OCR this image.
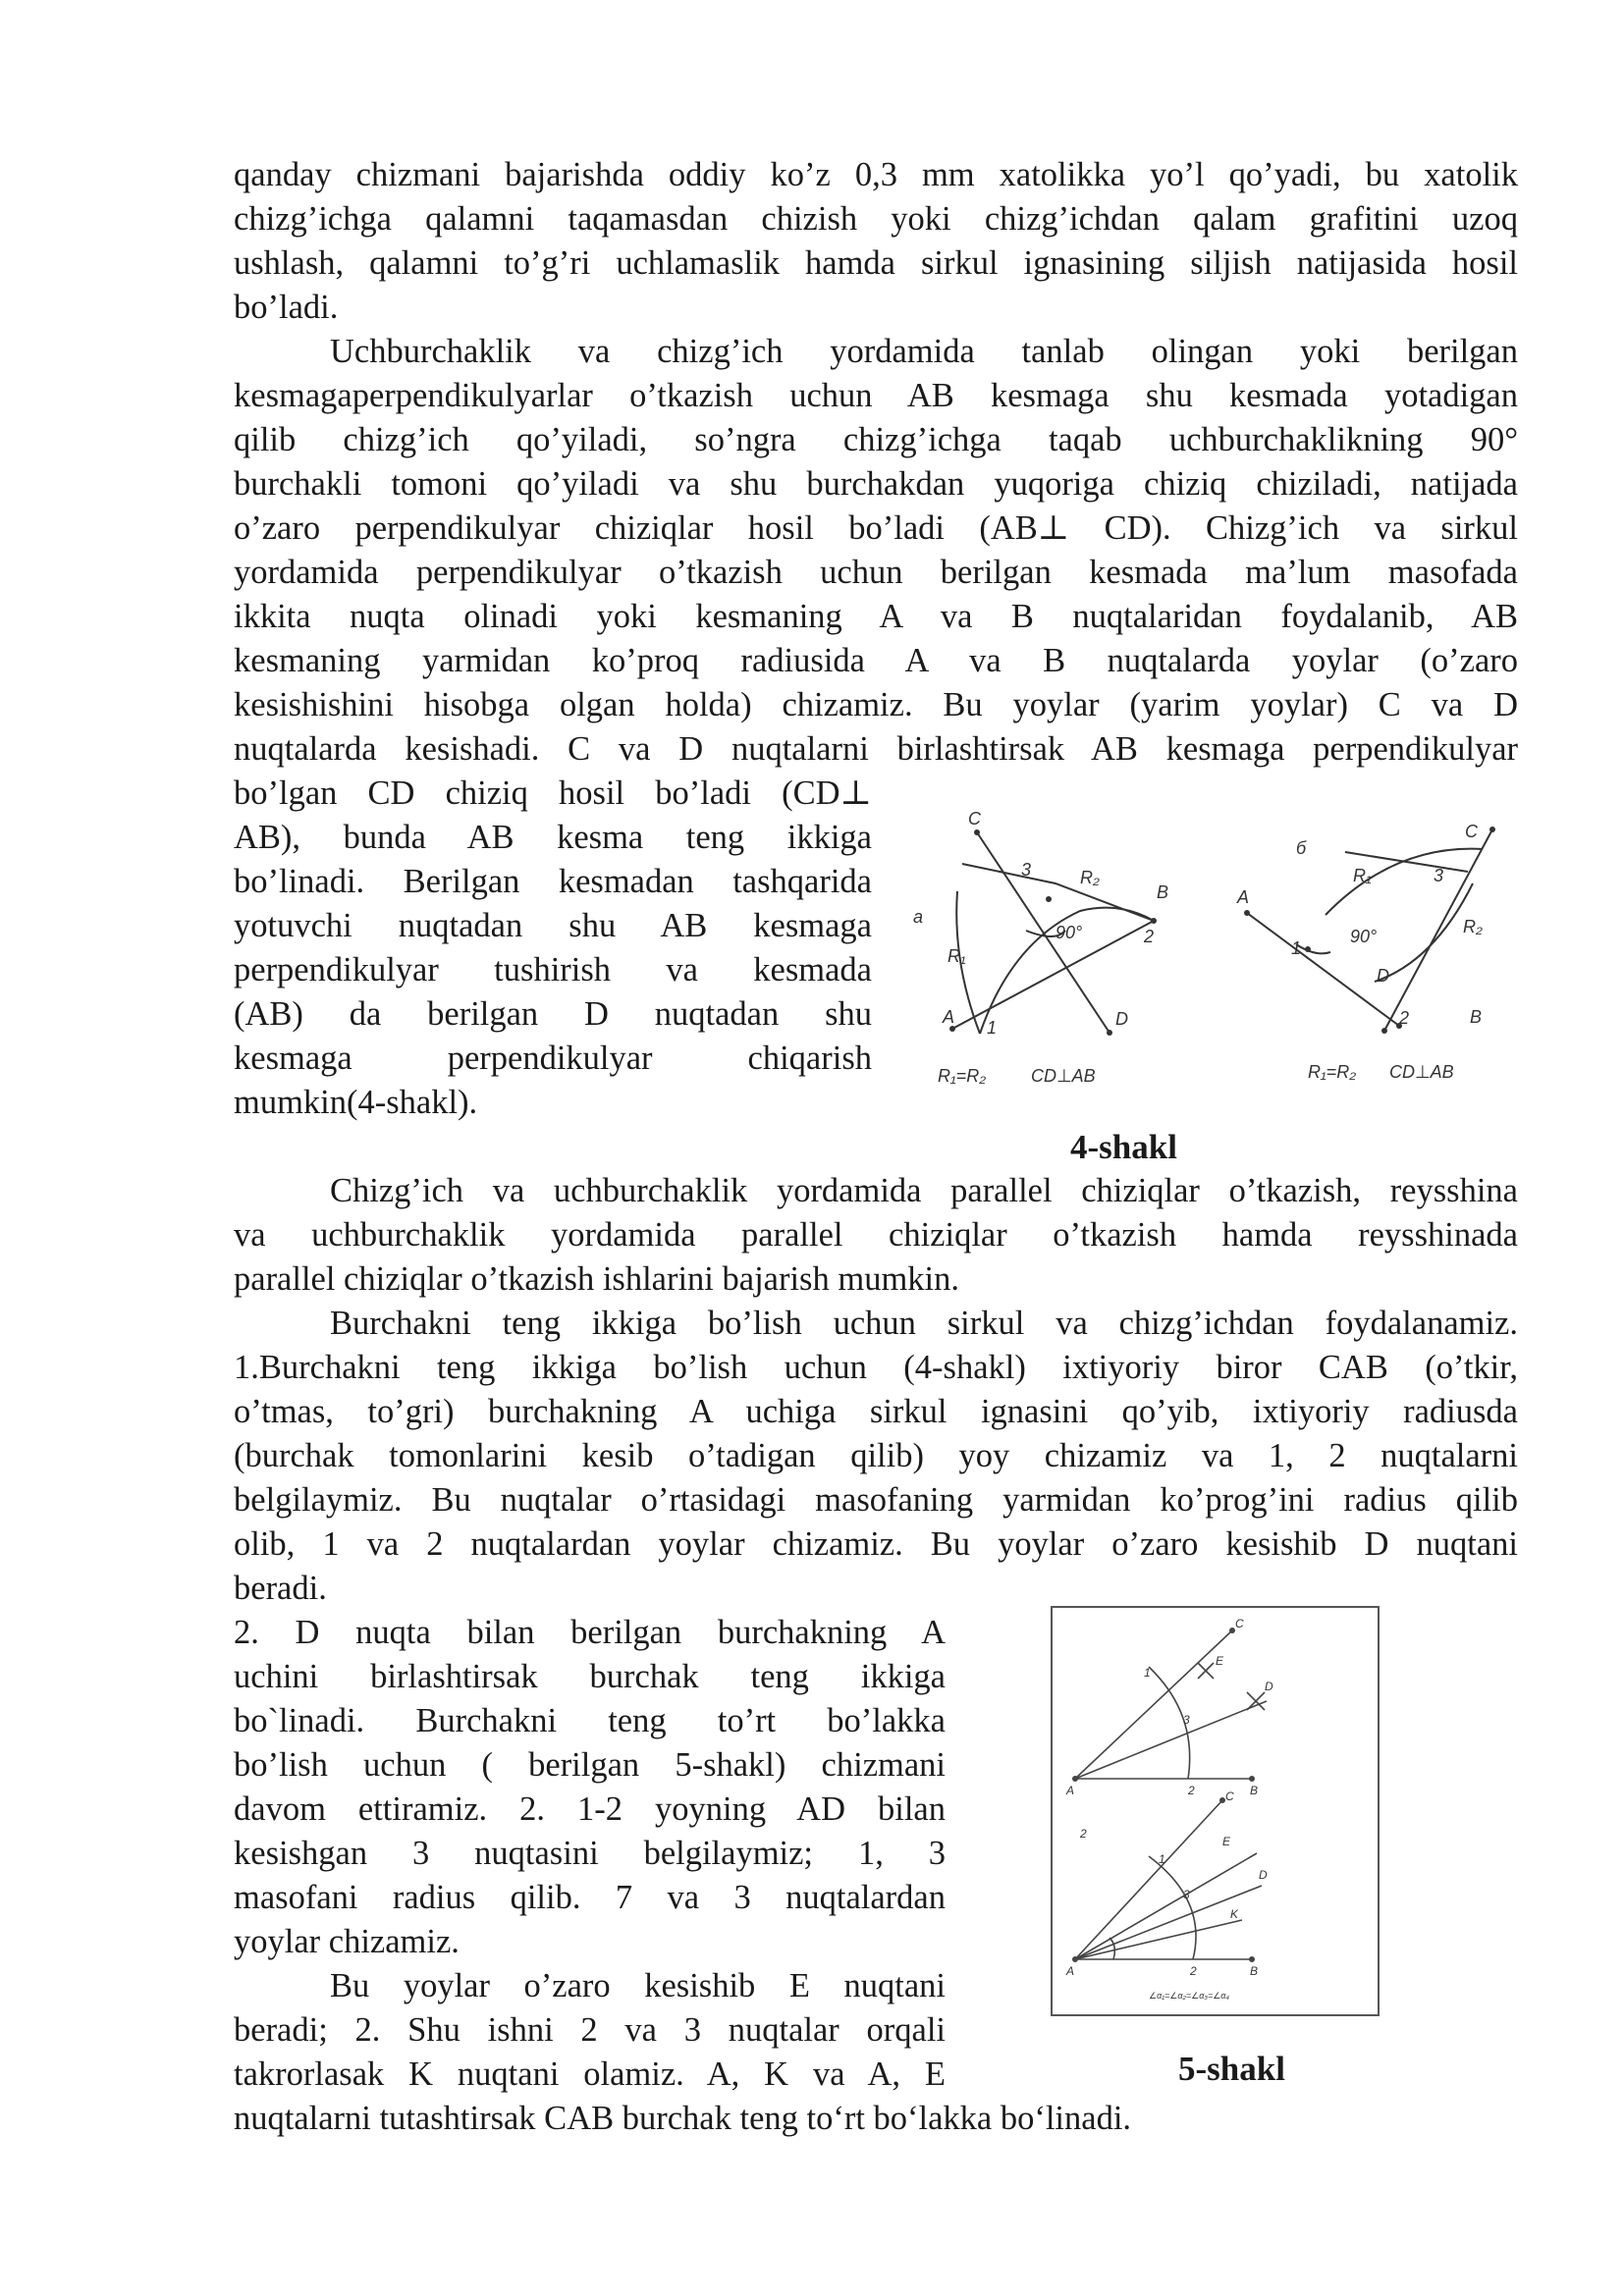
qanday chizmani bajarishda oddiy ko’z 0,3 mm xatolikka yo’l qo’yadi, bu xatolik
chizg’ichga qalamni taqamasdan chizish yoki chizg’ichdan qalam grafitini uzoq
ushlash, qalamni to’g’ri uchlamaslik hamda sirkul ignasining siljish natijasida hosil
bo’ladi.
Uchburchaklik va chizg’ich yordamida tanlab olingan yoki berilgan
kesmagaperpendikulyarlar o’tkazish uchun AB kesmaga shu kesmada yotadigan
qilib chizg’ich qo’yiladi, so’ngra chizg’ichga taqab uchburchaklikning 90°
burchakli tomoni qo’yiladi va shu burchakdan yuqoriga chiziq chiziladi, natijada
o’zaro perpendikulyar chiziqlar hosil bo’ladi (AB⊥ CD). Chizg’ich va sirkul
yordamida perpendikulyar o’tkazish uchun berilgan kesmada ma’lum masofada
ikkita nuqta olinadi yoki kesmaning A va B nuqtalaridan foydalanib, AB
kesmaning yarmidan ko’proq radiusida A va B nuqtalarda yoylar (o’zaro
kesishishini hisobga olgan holda) chizamiz. Bu yoylar (yarim yoylar) C va D
nuqtalarda kesishadi. C va D nuqtalarni birlashtirsak AB kesmaga perpendikulyar
bo’lgan CD chiziq hosil bo’ladi (CD⊥
AB), bunda AB kesma teng ikkiga
bo’linadi. Berilgan kesmadan tashqarida
yotuvchi nuqtadan shu AB kesmaga
perpendikulyar tushirish va kesmada
(AB) da berilgan D nuqtadan shu
kesmaga perpendikulyar chiqarish
mumkin(4-shakl).
4-shakl
Chizg’ich va uchburchaklik yordamida parallel chiziqlar o’tkazish, reysshina
va uchburchaklik yordamida parallel chiziqlar o’tkazish hamda reysshinada
parallel chiziqlar o’tkazish ishlarini bajarish mumkin.
Burchakni teng ikkiga bo’lish uchun sirkul va chizg’ichdan foydalanamiz.
1.Burchakni teng ikkiga bo’lish uchun (4-shakl) ixtiyoriy biror CAB (o’tkir,
o’tmas, to’gri) burchakning A uchiga sirkul ignasini qo’yib, ixtiyoriy radiusda
(burchak tomonlarini kesib o’tadigan qilib) yoy chizamiz va 1, 2 nuqtalarni
belgilaymiz. Bu nuqtalar o’rtasidagi masofaning yarmidan ko’prog’ini radius qilib
olib, 1 va 2 nuqtalardan yoylar chizamiz. Bu yoylar o’zaro kesishib D nuqtani
beradi.
2. D nuqta bilan berilgan burchakning A
uchini birlashtirsak burchak teng ikkiga
bo`linadi. Burchakni teng to’rt bo’lakka
bo’lish uchun ( berilgan 5-shakl) chizmani
davom ettiramiz. 2. 1-2 yoyning AD bilan
kesishgan 3 nuqtasini belgilaymiz; 1, 3
masofani radius qilib. 7 va 3 nuqtalardan
yoylar chizamiz.
Bu yoylar o’zaro kesishib E nuqtani
beradi; 2. Shu ishni 2 va 3 nuqtalar orqali
takrorlasak K nuqtani olamiz. A, K va A, E
nuqtalarni tutashtirsak CAB burchak teng to‘rt bo‘lakka bo‘linadi.
5-shakl
a
C
3	R₂
B
R₁
90°	2
A
1	D
R₁=R₂	CD⊥AB
б
C
A
R₁	3
R₂
90°
1
D
2	B
R₁=R₂ CD⊥AB
C
1
E
D
3
A	2	B
2
C
1
E
D
3
K
A	2	B
∠α₁=∠α₂=∠α₃=∠α₄
